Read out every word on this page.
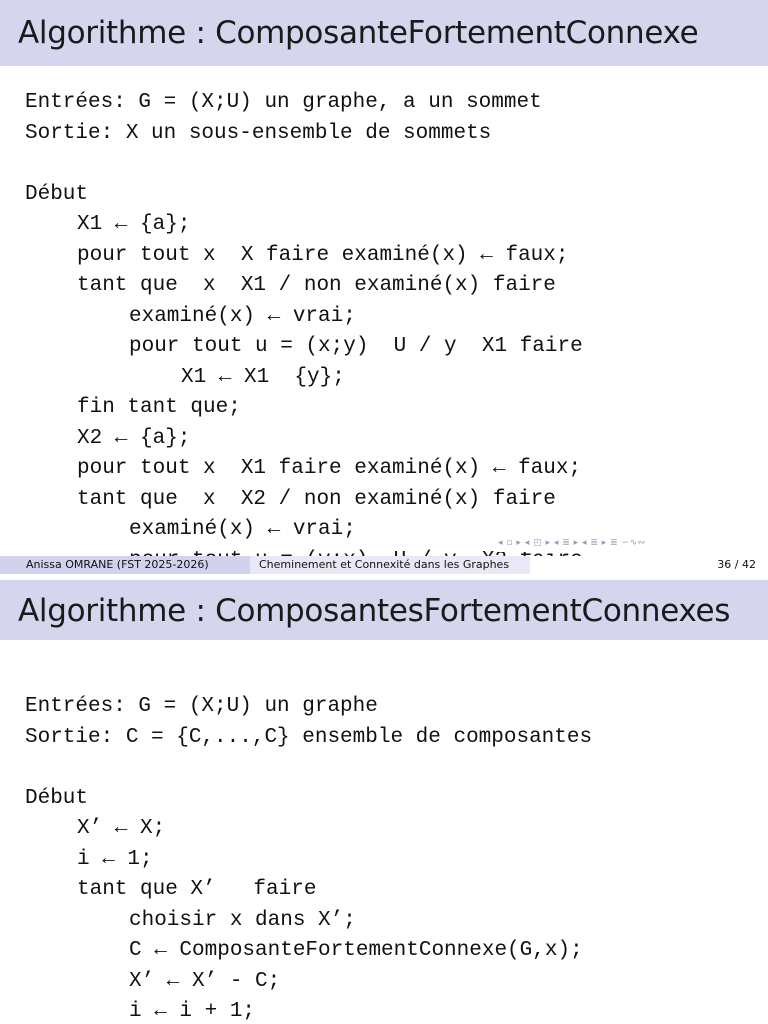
Algorithme : ComposanteFortementConnexe
Entrées: G = (X;U) un graphe, a un sommet
Sortie: X un sous-ensemble de sommets
Début
X1 ← {a};
pour tout x  X faire examiné(x) ← faux;
tant que  x  X1 / non examiné(x) faire
examiné(x) ← vrai;
pour tout u = (x;y)  U / y  X1 faire
X1 ← X1  {y};
fin tant que;
X2 ← {a};
pour tout x  X1 faire examiné(x) ← faux;
tant que  x  X2 / non examiné(x) faire
examiné(x) ← vrai;
◂ ▫ ▸ ◂ ◰ ▸ ◂ ≣ ▸ ◂ ≣ ▸ ≣ ∽∿∾
Anissa OMRANE (FST 2025-2026)	Cheminement et Connexité dans les Graphes	36 / 42
Algorithme : ComposantesFortementConnexes
Entrées: G = (X;U) un graphe
Sortie: C = {C,...,C} ensemble de composantes
Début
X’ ← X;
i ← 1;
tant que X’   faire
choisir x dans X’;
C ← ComposanteFortementConnexe(G,x);
X’ ← X’ - C;
i ← i + 1;
